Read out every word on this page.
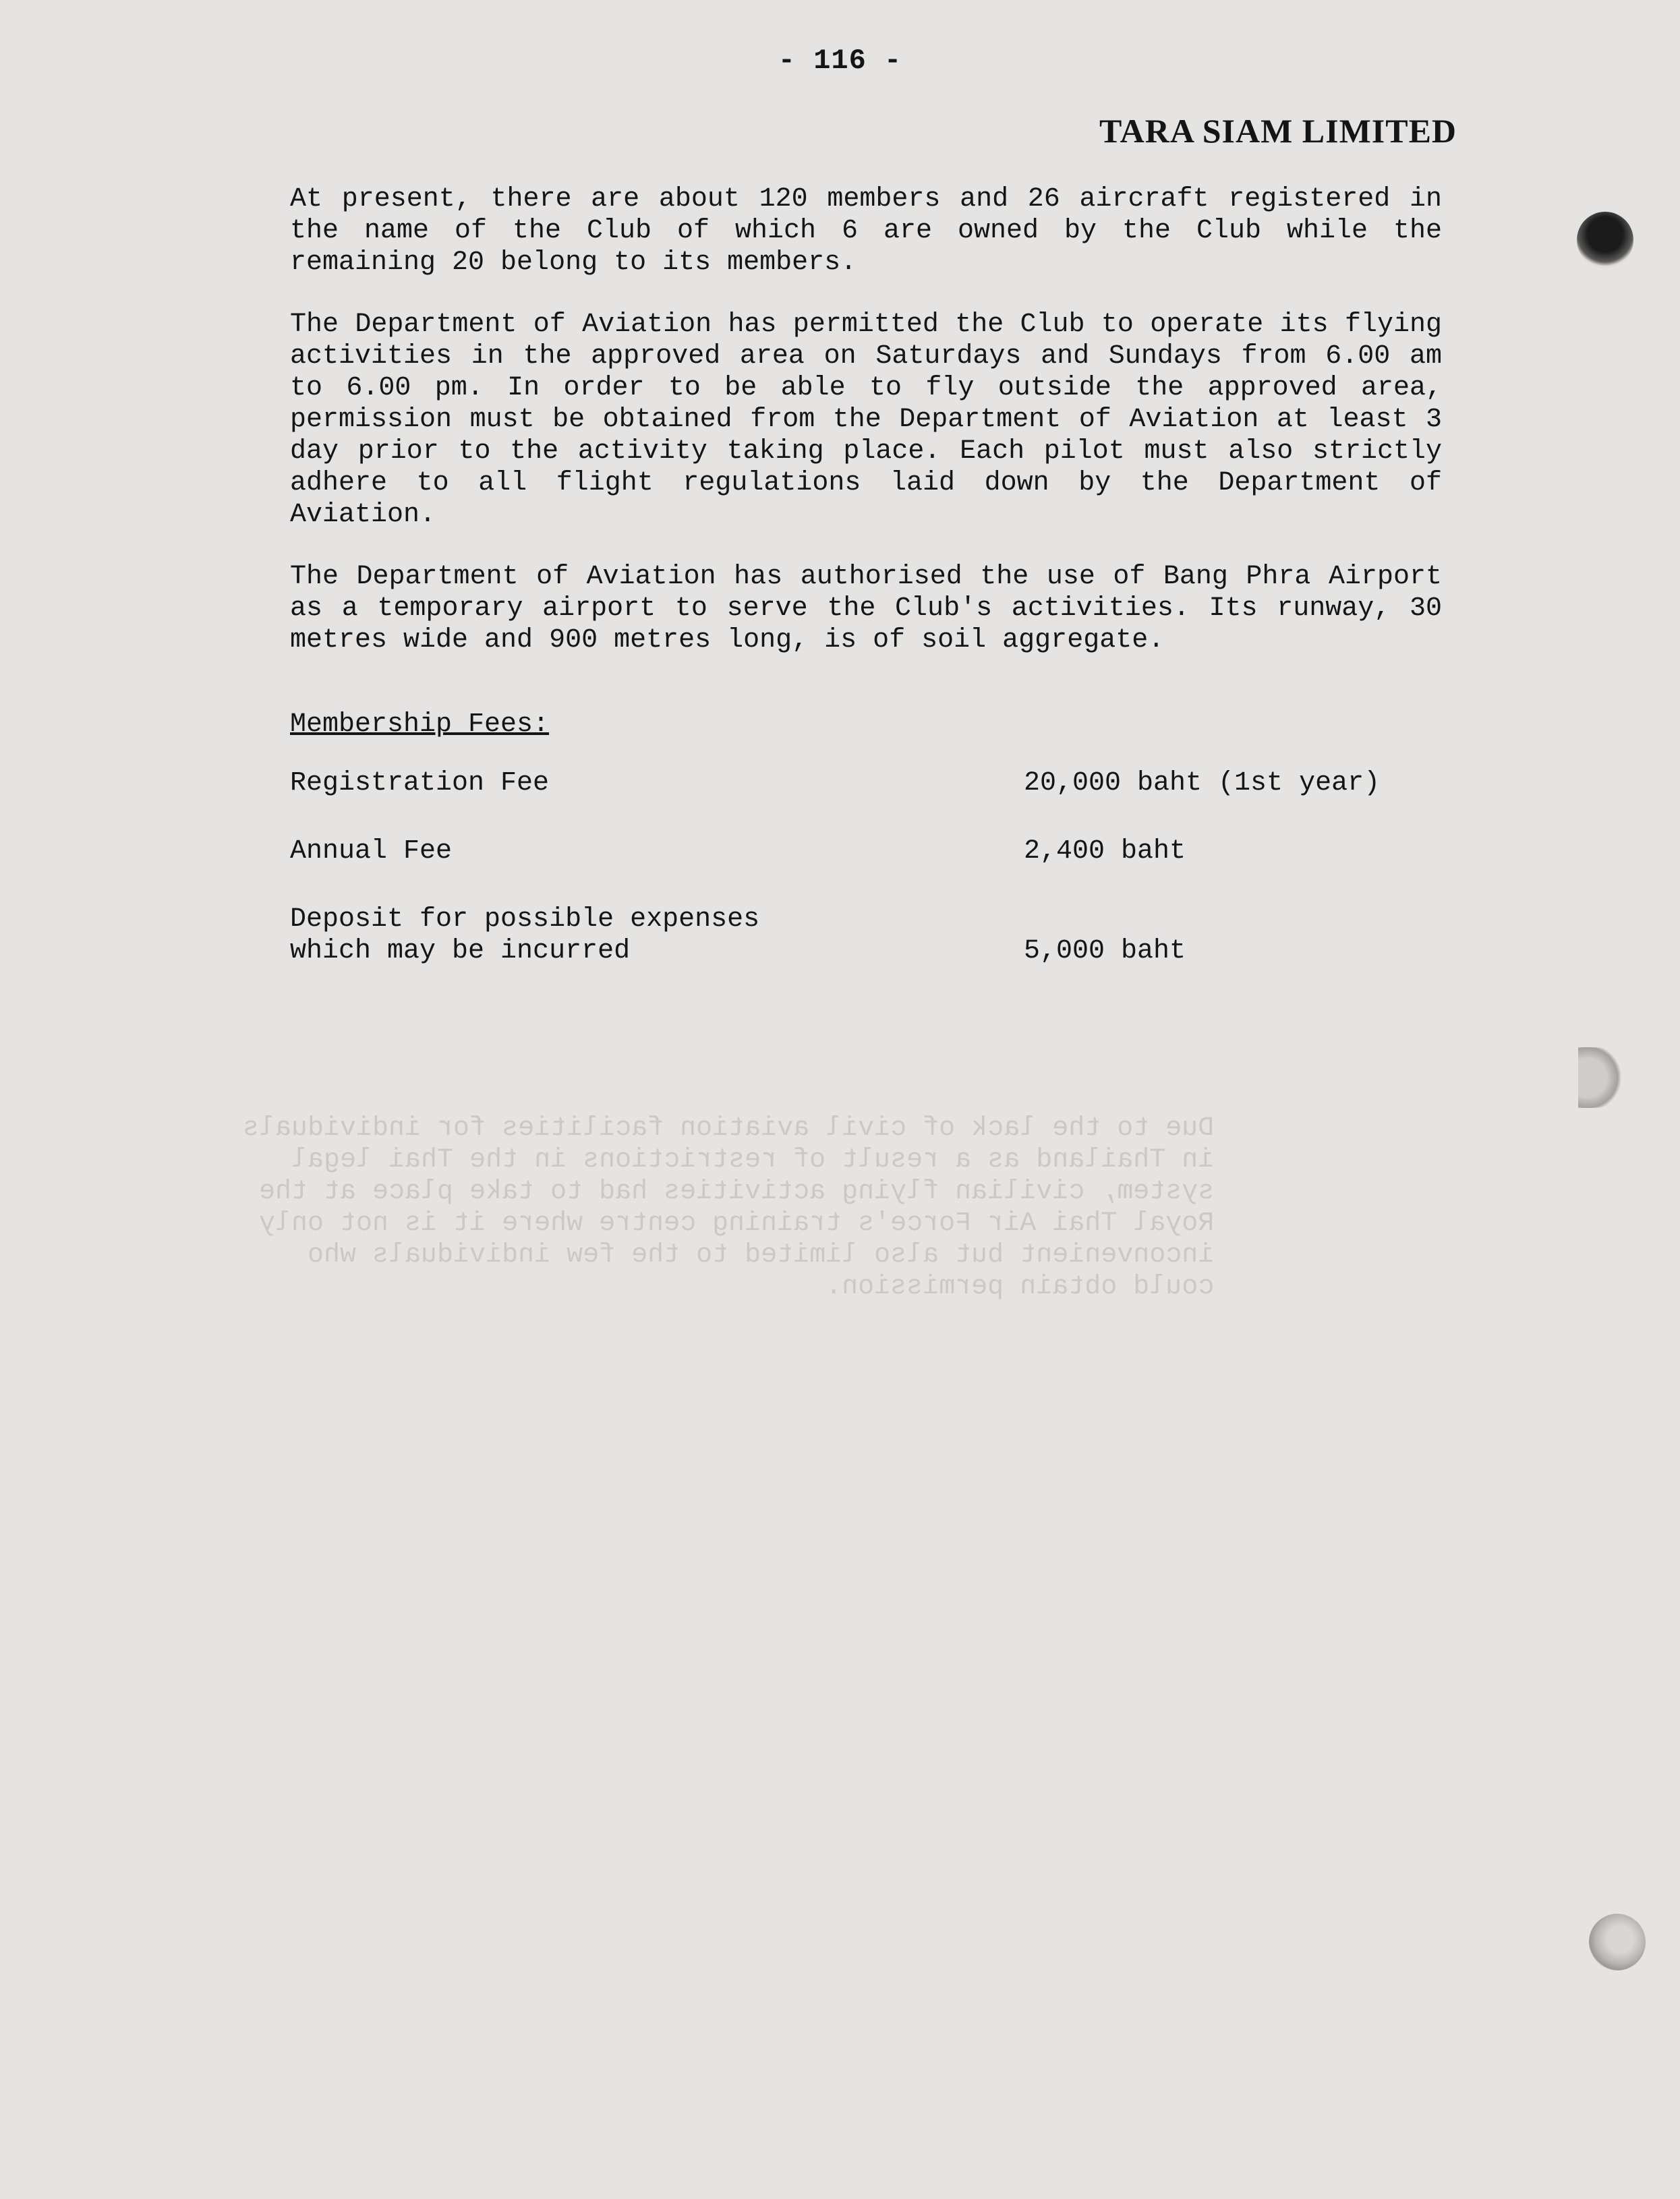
Due to the lack of civil aviation facilities for individuals
in Thailand as a result of restrictions in the Thai legal
system, civilian flying activities had to take place at the
Royal Thai Air Force's training centre where it is not only
inconvenient but also limited to the few individuals who
could obtain permission.
- 116 -
TARA SIAM LIMITED

At present, there are about 120 members and 26 aircraft registered in the name of the Club of which 6 are owned by the Club while the remaining 20 belong to its members.

The Department of Aviation has permitted the Club to operate its flying activities in the approved area on Saturdays and Sundays from 6.00 am to 6.00 pm. In order to be able to fly outside the approved area, permission must be obtained from the Department of Aviation at least 3 day prior to the activity taking place. Each pilot must also strictly adhere to all flight regulations laid down by the Department of Aviation.

The Department of Aviation has authorised the use of Bang Phra Airport as a temporary airport to serve the Club's activities. Its runway, 30 metres wide and 900 metres long, is of soil aggregate.

Membership Fees:
Registration Fee	20,000 baht (1st year)
Annual Fee	2,400 baht
Deposit for possible expenses
which may be incurred	5,000 baht
